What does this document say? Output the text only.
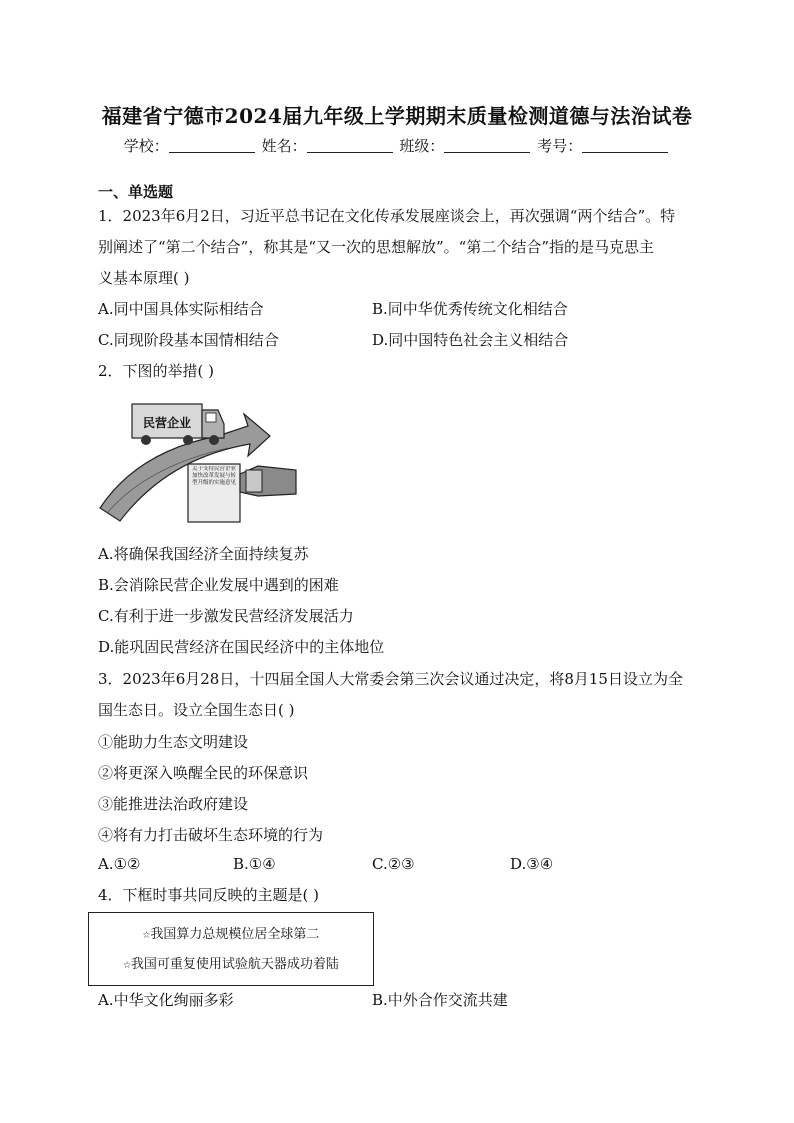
福建省宁德市2024届九年级上学期期末质量检测道德与法治试卷
学校：	姓名：	班级：	考号：
一、单选题
1．2023年6月2日，习近平总书记在文化传承发展座谈会上，再次强调“两个结合”。特
别阐述了“第二个结合”，称其是“又一次的思想解放”。“第二个结合”指的是马克思主
义基本原理( )
A.同中国具体实际相结合	B.同中华优秀传统文化相结合
C.同现阶段基本国情相结合	D.同中国特色社会主义相结合
2．下图的举措( )
民营企业
关于支持民营企业加快改革发展与转型升级的实施意见
A.将确保我国经济全面持续复苏
B.会消除民营企业发展中遇到的困难
C.有利于进一步激发民营经济发展活力
D.能巩固民营经济在国民经济中的主体地位
3．2023年6月28日，十四届全国人大常委会第三次会议通过决定，将8月15日设立为全
国生态日。设立全国生态日( )
①能助力生态文明建设
②将更深入唤醒全民的环保意识
③能推进法治政府建设
④将有力打击破坏生态环境的行为
A.①②	B.①④	C.②③	D.③④
4．下框时事共同反映的主题是( )
☆我国算力总规模位居全球第二
☆我国可重复使用试验航天器成功着陆
A.中华文化绚丽多彩	B.中外合作交流共建
